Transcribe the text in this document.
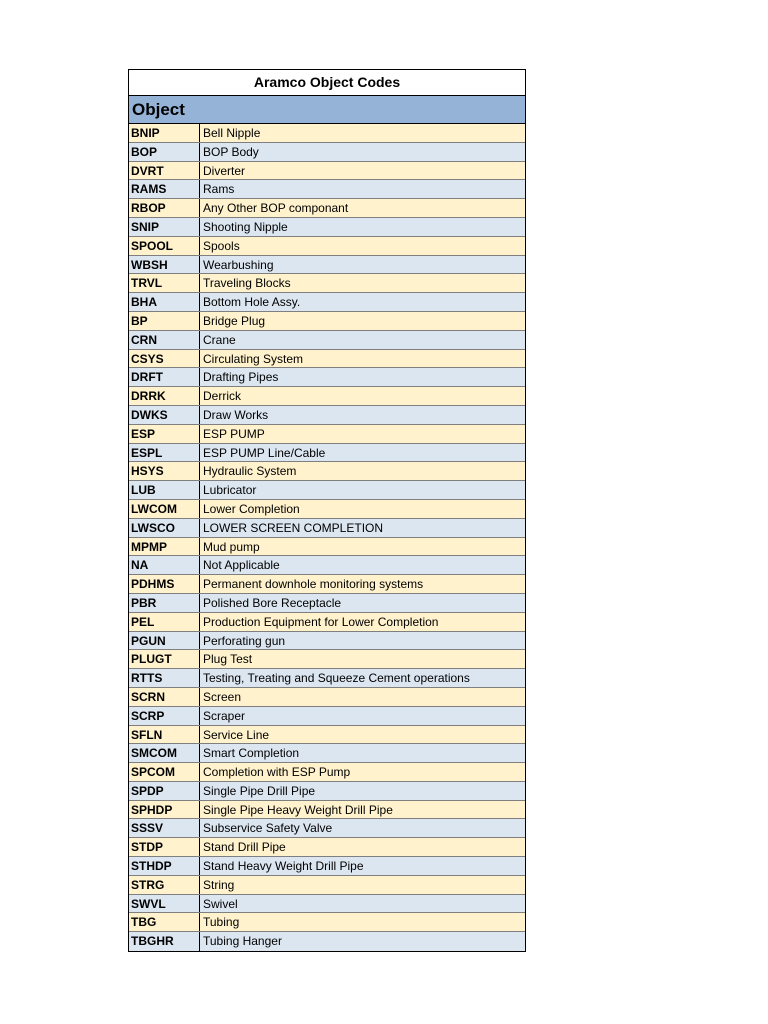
Aramco Object Codes
Object
BNIP	Bell Nipple
BOP	BOP Body
DVRT	Diverter
RAMS	Rams
RBOP	Any Other BOP componant
SNIP	Shooting Nipple
SPOOL	Spools
WBSH	Wearbushing
TRVL	Traveling Blocks
BHA	Bottom Hole Assy.
BP	Bridge Plug
CRN	Crane
CSYS	Circulating System
DRFT	Drafting Pipes
DRRK	Derrick
DWKS	Draw Works
ESP	ESP PUMP
ESPL	ESP PUMP Line/Cable
HSYS	Hydraulic System
LUB	Lubricator
LWCOM	Lower Completion
LWSCO	LOWER SCREEN COMPLETION
MPMP	Mud pump
NA	Not Applicable
PDHMS	Permanent downhole monitoring systems
PBR	Polished Bore Receptacle
PEL	Production Equipment for Lower Completion
PGUN	Perforating gun
PLUGT	Plug Test
RTTS	Testing, Treating and Squeeze Cement operations
SCRN	Screen
SCRP	Scraper
SFLN	Service Line
SMCOM	Smart Completion
SPCOM	Completion with ESP Pump
SPDP	Single Pipe Drill Pipe
SPHDP	Single Pipe Heavy Weight Drill Pipe
SSSV	Subservice Safety Valve
STDP	Stand Drill Pipe
STHDP	Stand Heavy Weight Drill Pipe
STRG	String
SWVL	Swivel
TBG	Tubing
TBGHR	Tubing Hanger
